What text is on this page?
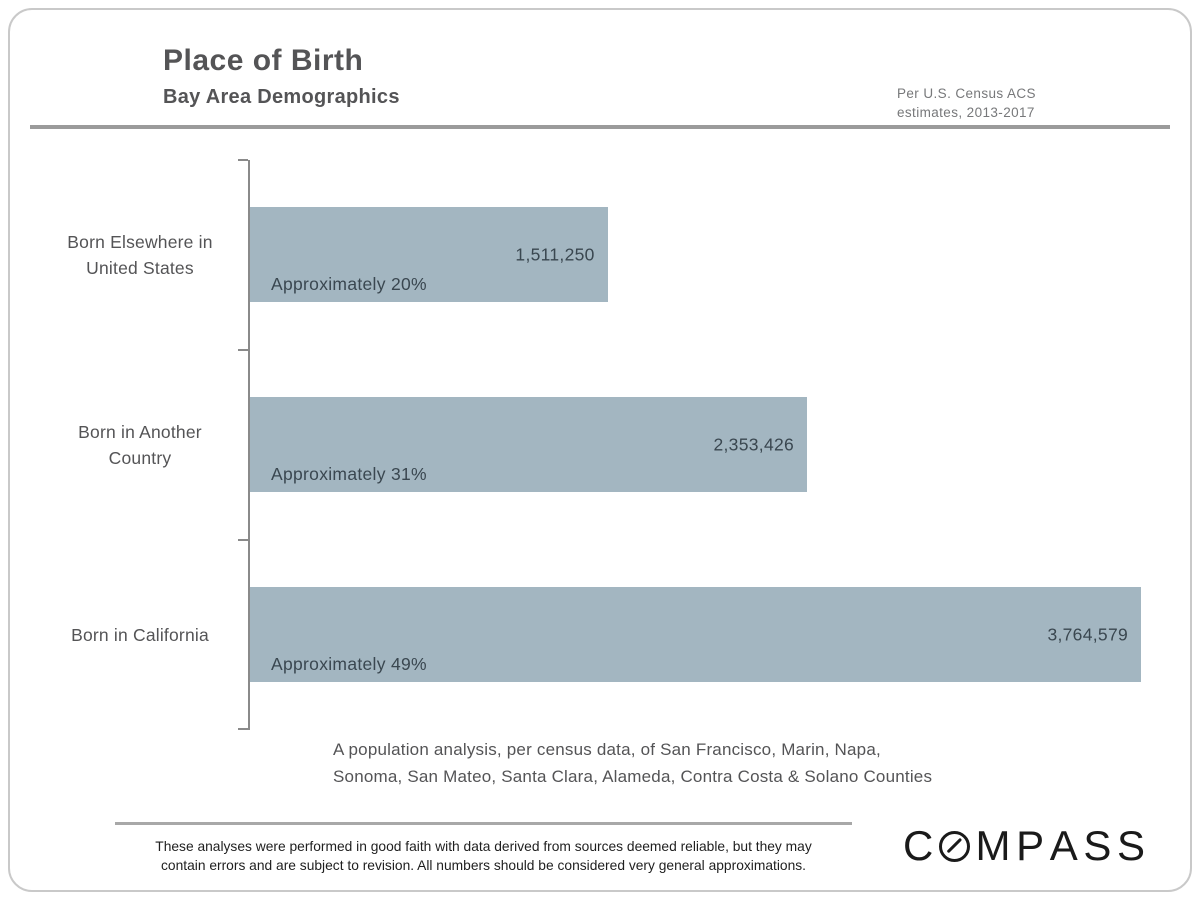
Place of Birth
Bay Area Demographics	Per U.S. Census ACS
estimates, 2013-2017
Born Elsewhere in
United States
Born in Another
Country
Born in California
1,511,250
Approximately 20%
2,353,426
Approximately 31%
3,764,579
Approximately 49%
A population analysis, per census data, of San Francisco, Marin, Napa,
Sonoma, San Mateo, Santa Clara, Alameda, Contra Costa & Solano Counties
These analyses were performed in good faith with data derived from sources deemed reliable, but they may
contain errors and are subject to revision. All numbers should be considered very general approximations.	C M P A S S
